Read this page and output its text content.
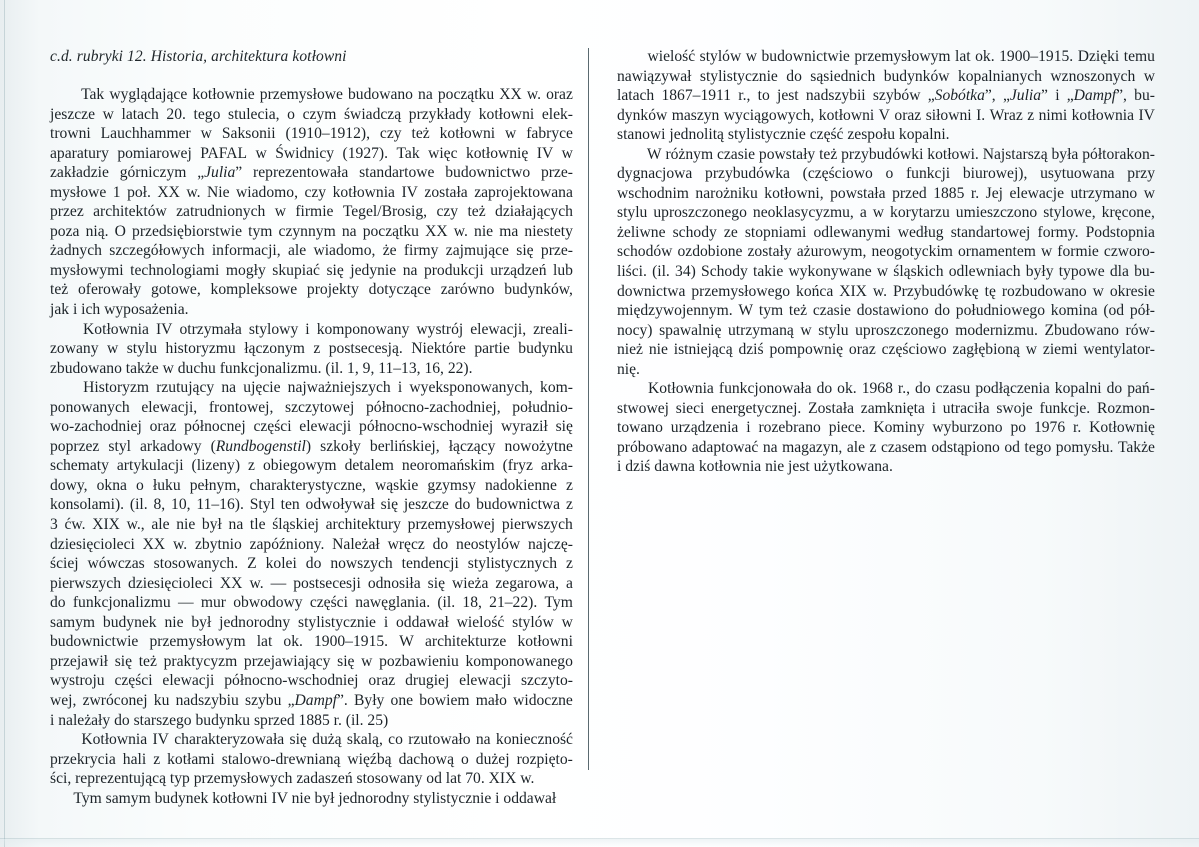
c.d. rubryki 12. Historia, architektura kotłowni

Tak wyglądające kotłownie przemysłowe budowano na początku XX w. oraz
jeszcze w latach 20. tego stulecia, o czym świadczą przykłady kotłowni elek-
trowni Lauchhammer w Saksonii (1910–1912), czy też kotłowni w fabryce
aparatury pomiarowej PAFAL w Świdnicy (1927). Tak więc kotłownię IV w
zakładzie górniczym „Julia” reprezentowała standartowe budownictwo prze-
mysłowe 1 poł. XX w. Nie wiadomo, czy kotłownia IV została zaprojektowana
przez architektów zatrudnionych w firmie Tegel/Brosig, czy też działających
poza nią. O przedsiębiorstwie tym czynnym na początku XX w. nie ma niestety
żadnych szczegółowych informacji, ale wiadomo, że firmy zajmujące się prze-
mysłowymi technologiami mogły skupiać się jedynie na produkcji urządzeń lub
też oferowały gotowe, kompleksowe projekty dotyczące zarówno budynków,
jak i ich wyposażenia.

Kotłownia IV otrzymała stylowy i komponowany wystrój elewacji, zreali-
zowany w stylu historyzmu łączonym z postsecesją. Niektóre partie budynku
zbudowano także w duchu funkcjonalizmu. (il. 1, 9, 11–13, 16, 22).

Historyzm rzutujący na ujęcie najważniejszych i wyeksponowanych, kom-
ponowanych elewacji, frontowej, szczytowej północno-zachodniej, południo-
wo-zachodniej oraz północnej części elewacji północno-wschodniej wyraził się
poprzez styl arkadowy (Rundbogenstil) szkoły berlińskiej, łączący nowożytne
schematy artykulacji (lizeny) z obiegowym detalem neoromańskim (fryz arka-
dowy, okna o łuku pełnym, charakterystyczne, wąskie gzymsy nadokienne z
konsolami). (il. 8, 10, 11–16). Styl ten odwoływał się jeszcze do budownictwa z
3 ćw. XIX w., ale nie był na tle śląskiej architektury przemysłowej pierwszych
dziesięcioleci XX w. zbytnio zapóźniony. Należał wręcz do neostylów najczę-
ściej wówczas stosowanych. Z kolei do nowszych tendencji stylistycznych z
pierwszych dziesięcioleci XX w. — postsecesji odnosiła się wieża zegarowa, a
do funkcjonalizmu — mur obwodowy części nawęglania. (il. 18, 21–22). Tym
samym budynek nie był jednorodny stylistycznie i oddawał wielość stylów w
budownictwie przemysłowym lat ok. 1900–1915. W architekturze kotłowni
przejawił się też praktycyzm przejawiający się w pozbawieniu komponowanego
wystroju części elewacji północno-wschodniej oraz drugiej elewacji szczyto-
wej, zwróconej ku nadszybiu szybu „Dampf”. Były one bowiem mało widoczne
i należały do starszego budynku sprzed 1885 r. (il. 25)

Kotłownia IV charakteryzowała się dużą skalą, co rzutowało na konieczność
przekrycia hali z kotłami stalowo-drewnianą więźbą dachową o dużej rozpięto-
ści, reprezentującą typ przemysłowych zadaszeń stosowany od lat 70. XIX w.

  Tym samym budynek kotłowni IV nie był jednorodny stylistycznie i oddawał

wielość stylów w budownictwie przemysłowym lat ok. 1900–1915. Dzięki temu
nawiązywał stylistycznie do sąsiednich budynków kopalnianych wznoszonych w
latach 1867–1911 r., to jest nadszybii szybów „Sobótka”, „Julia” i „Dampf”, bu-
dynków maszyn wyciągowych, kotłowni V oraz siłowni I. Wraz z nimi kotłownia IV
stanowi jednolitą stylistycznie część zespołu kopalni.

W różnym czasie powstały też przybudówki kotłowi. Najstarszą była półtorakon-
dygnacjowa przybudówka (częściowo o funkcji biurowej), usytuowana przy
wschodnim narożniku kotłowni, powstała przed 1885 r. Jej elewacje utrzymano w
stylu uproszczonego neoklasycyzmu, a w korytarzu umieszczono stylowe, kręcone,
żeliwne schody ze stopniami odlewanymi według standartowej formy. Podstopnia
schodów ozdobione zostały ażurowym, neogotyckim ornamentem w formie czworo-
liści. (il. 34) Schody takie wykonywane w śląskich odlewniach były typowe dla bu-
downictwa przemysłowego końca XIX w. Przybudówkę tę rozbudowano w okresie
międzywojennym. W tym też czasie dostawiono do południowego komina (od pół-
nocy) spawalnię utrzymaną w stylu uproszczonego modernizmu. Zbudowano rów-
nież nie istniejącą dziś pompownię oraz częściowo zagłębioną w ziemi wentylator-
nię.

Kotłownia funkcjonowała do ok. 1968 r., do czasu podłączenia kopalni do pań-
stwowej sieci energetycznej. Została zamknięta i utraciła swoje funkcje. Rozmon-
towano urządzenia i rozebrano piece. Kominy wyburzono po 1976 r. Kotłownię
próbowano adaptować na magazyn, ale z czasem odstąpiono od tego pomysłu. Także
i dziś dawna kotłownia nie jest użytkowana.
